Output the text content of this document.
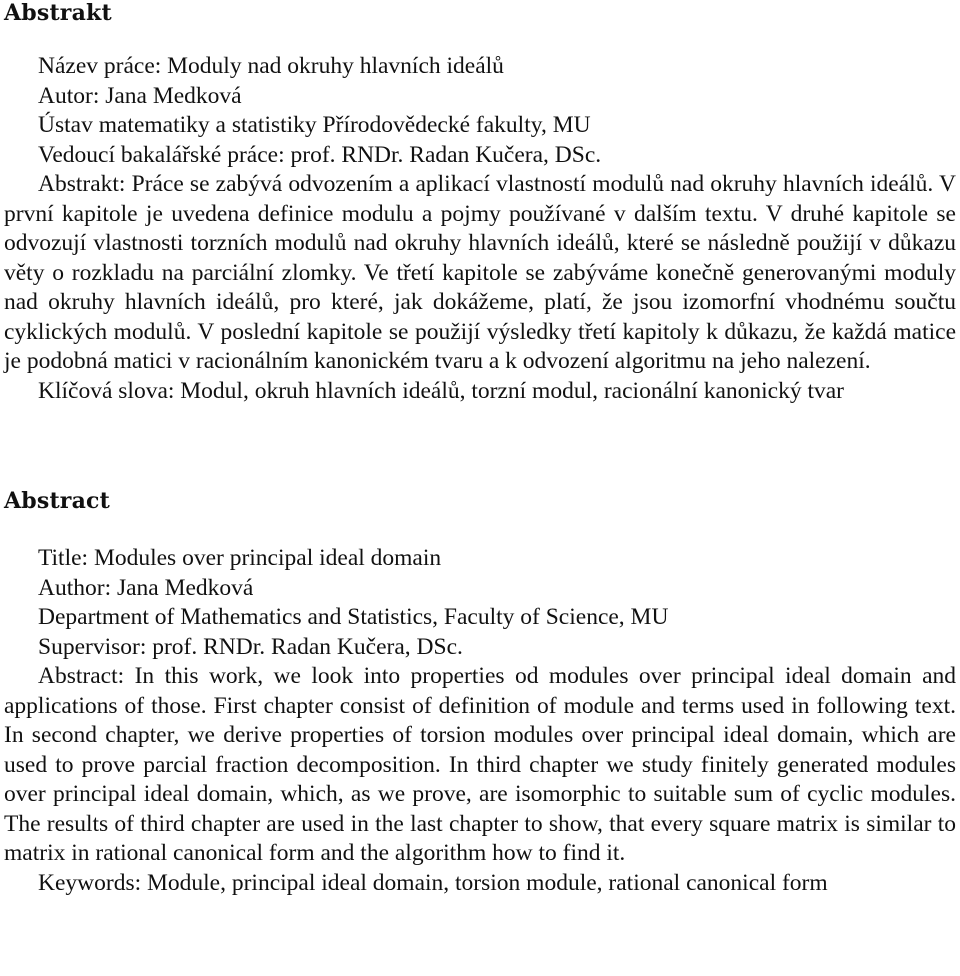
Abstrakt
Název práce: Moduly nad okruhy hlavních ideálů
Autor: Jana Medková
Ústav matematiky a statistiky Přírodovědecké fakulty, MU
Vedoucí bakalářské práce: prof. RNDr. Radan Kučera, DSc.

Abstrakt: Práce se zabývá odvozením a aplikací vlastností modulů nad okruhy hlavních ideálů. V první kapitole je uvedena definice modulu a pojmy používané v dalším textu. V druhé kapitole se odvozují vlastnosti torzních modulů nad okruhy hlavních ideálů, které se následně použijí v důkazu věty o rozkladu na parciální zlomky. Ve třetí kapitole se zabýváme konečně generovanými moduly nad okruhy hlavních ideálů, pro které, jak dokážeme, platí, že jsou izomorfní vhodnému součtu cyklických modulů. V poslední kapitole se použijí výsledky třetí kapitoly k důkazu, že každá matice je podobná matici v racionálním kanonickém tvaru a k odvození algoritmu na jeho nalezení.

Klíčová slova: Modul, okruh hlavních ideálů, torzní modul, racionální kanonický tvar
Abstract
Title: Modules over principal ideal domain
Author: Jana Medková
Department of Mathematics and Statistics, Faculty of Science, MU
Supervisor: prof. RNDr. Radan Kučera, DSc.

Abstract: In this work, we look into properties od modules over principal ideal domain and applications of those. First chapter consist of definition of module and terms used in following text. In second chapter, we derive properties of torsion modules over principal ideal domain, which are used to prove parcial fraction decomposition. In third chapter we study finitely generated modules over principal ideal domain, which, as we prove, are isomorphic to suitable sum of cyclic modules. The results of third chapter are used in the last chapter to show, that every square matrix is similar to matrix in rational canonical form and the algorithm how to find it.

Keywords: Module, principal ideal domain, torsion module, rational canonical form
